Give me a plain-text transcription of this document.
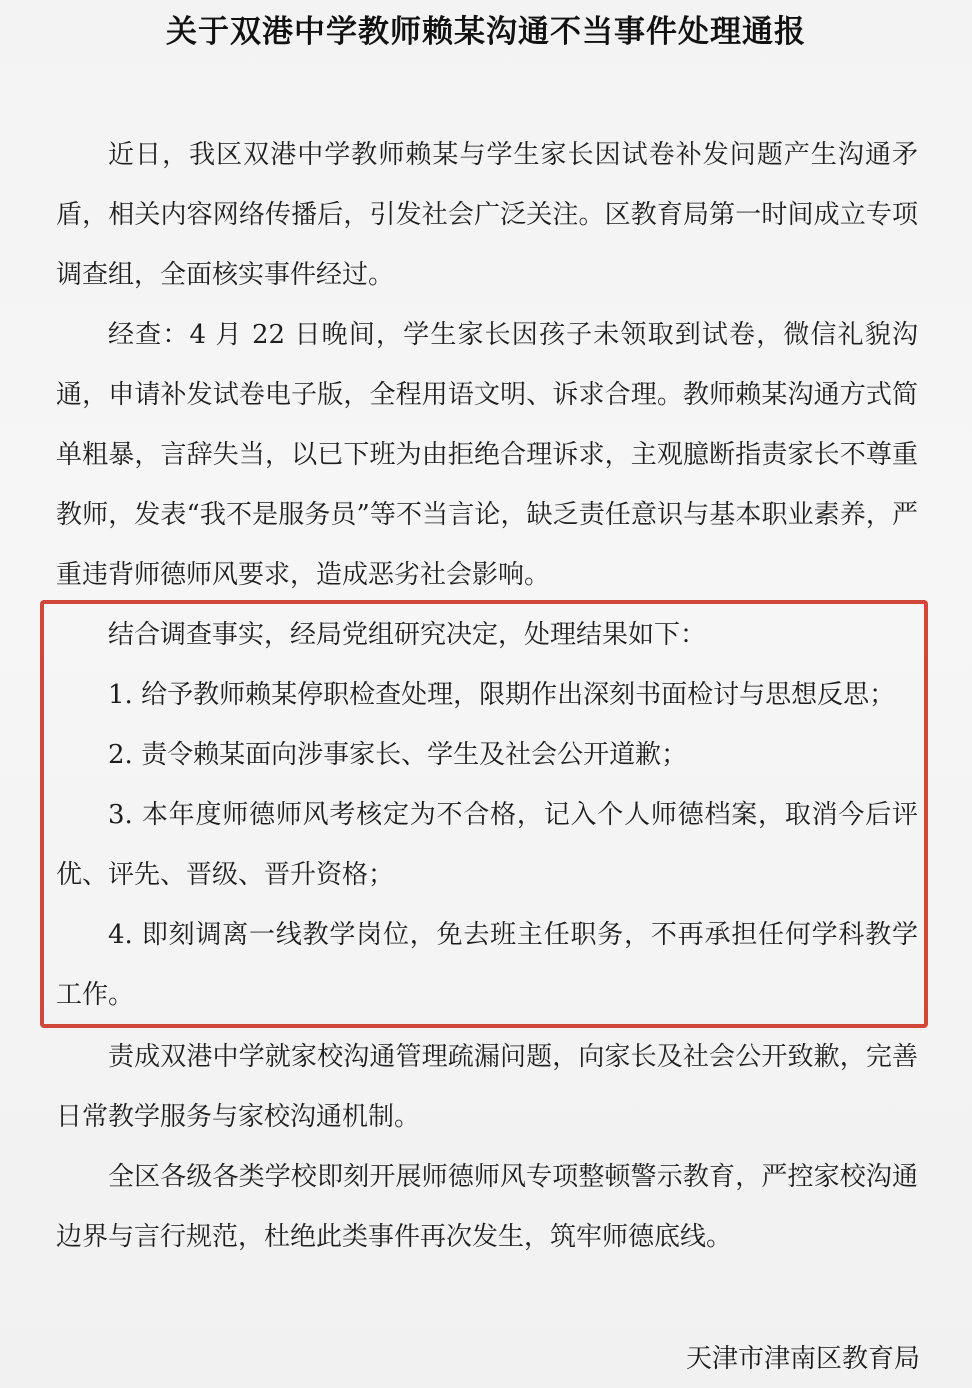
关于双港中学教师赖某沟通不当事件处理通报

近日，我区双港中学教师赖某与学生家长因试卷补发问题产生沟通矛盾，相关内容网络传播后，引发社会广泛关注。区教育局第一时间成立专项调查组，全面核实事件经过。

经查：4 月 22 日晚间，学生家长因孩子未领取到试卷，微信礼貌沟通，申请补发试卷电子版，全程用语文明、诉求合理。教师赖某沟通方式简单粗暴，言辞失当，以已下班为由拒绝合理诉求，主观臆断指责家长不尊重教师，发表“我不是服务员”等不当言论，缺乏责任意识与基本职业素养，严重违背师德师风要求，造成恶劣社会影响。

结合调查事实，经局党组研究决定，处理结果如下：

1. 给予教师赖某停职检查处理，限期作出深刻书面检讨与思想反思；

2. 责令赖某面向涉事家长、学生及社会公开道歉；

3. 本年度师德师风考核定为不合格，记入个人师德档案，取消今后评优、评先、晋级、晋升资格；

4. 即刻调离一线教学岗位，免去班主任职务，不再承担任何学科教学工作。

责成双港中学就家校沟通管理疏漏问题，向家长及社会公开致歉，完善日常教学服务与家校沟通机制。

全区各级各类学校即刻开展师德师风专项整顿警示教育，严控家校沟通边界与言行规范，杜绝此类事件再次发生，筑牢师德底线。

天津市津南区教育局
